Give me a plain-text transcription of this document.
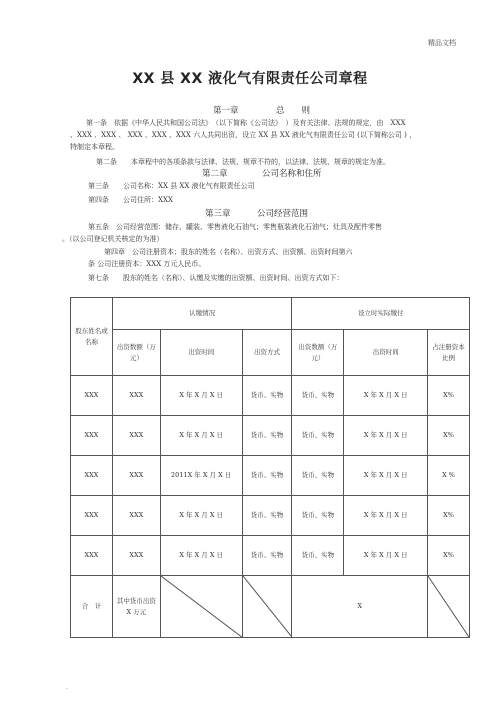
精品文档
XX 县 XX 液化气有限责任公司章程
第一章	总　　则
第一条　依据《中华人民共和国公司法》　（以下简称《公司法》　）及有关法律、法规的规定，由　XXX
、XXX 、XXX 、 XXX 、XXX 、XXX 六人共同出资，设立 XX 县 XX 液化气有限责任公司 (以下简称公司 ) ，
特制定本章程。
第二条　　本章程中的各项条款与法律、法规、规章不符的，以法律、法规、规章的规定为准。
第二章	公司名称和住所
第三条　　公司名称：XX 县 XX 液化气有限责任公司
第四条　　公司住所：XXX
第三章	公司经营范围
第五条　公司经营范围：储存、罐装、零售液化石油气；零售瓶装液化石油气；灶具及配件零售
。（以公司登记机关核定的为准）
第四章　公司注册资本；股东的姓名（名称）、出资方式、出资额、出资时间第六
条 公司注册资本：XXX 万元人民币。
第七条　　股东的姓名（名称）、认缴及实缴的出资额、出资时间、出资方式如下：
股东姓名或名称	认缴情况			设立时实际缴付		
	出资数额（万元）	出资时间	出资方式	出资数额（万元）	出资时间	占注册资本比例
XXX	XXX	X 年 X 月 X 日	货币、实物	货币、实物	X 年 X 月 X 日	X%
XXX	XXX	X 年 X 月 X 日	货币、实物	货币、实物	X 年 X 月 X 日	X%
XXX	XXX	2011X 年 X 月 X 日	货币、实物	货币、实物	X 年 X 月 X 日	X %
XXX	XXX	X 年 X 月 X 日	货币、实物	货币、实物	X 年 X 月 X 日	X%
XXX	XXX	X 年 X 月 X 日	货币、实物	货币、实物	X 年 X 月 X 日	X%
合　计	其中货币出资 X 万元			X	
.
